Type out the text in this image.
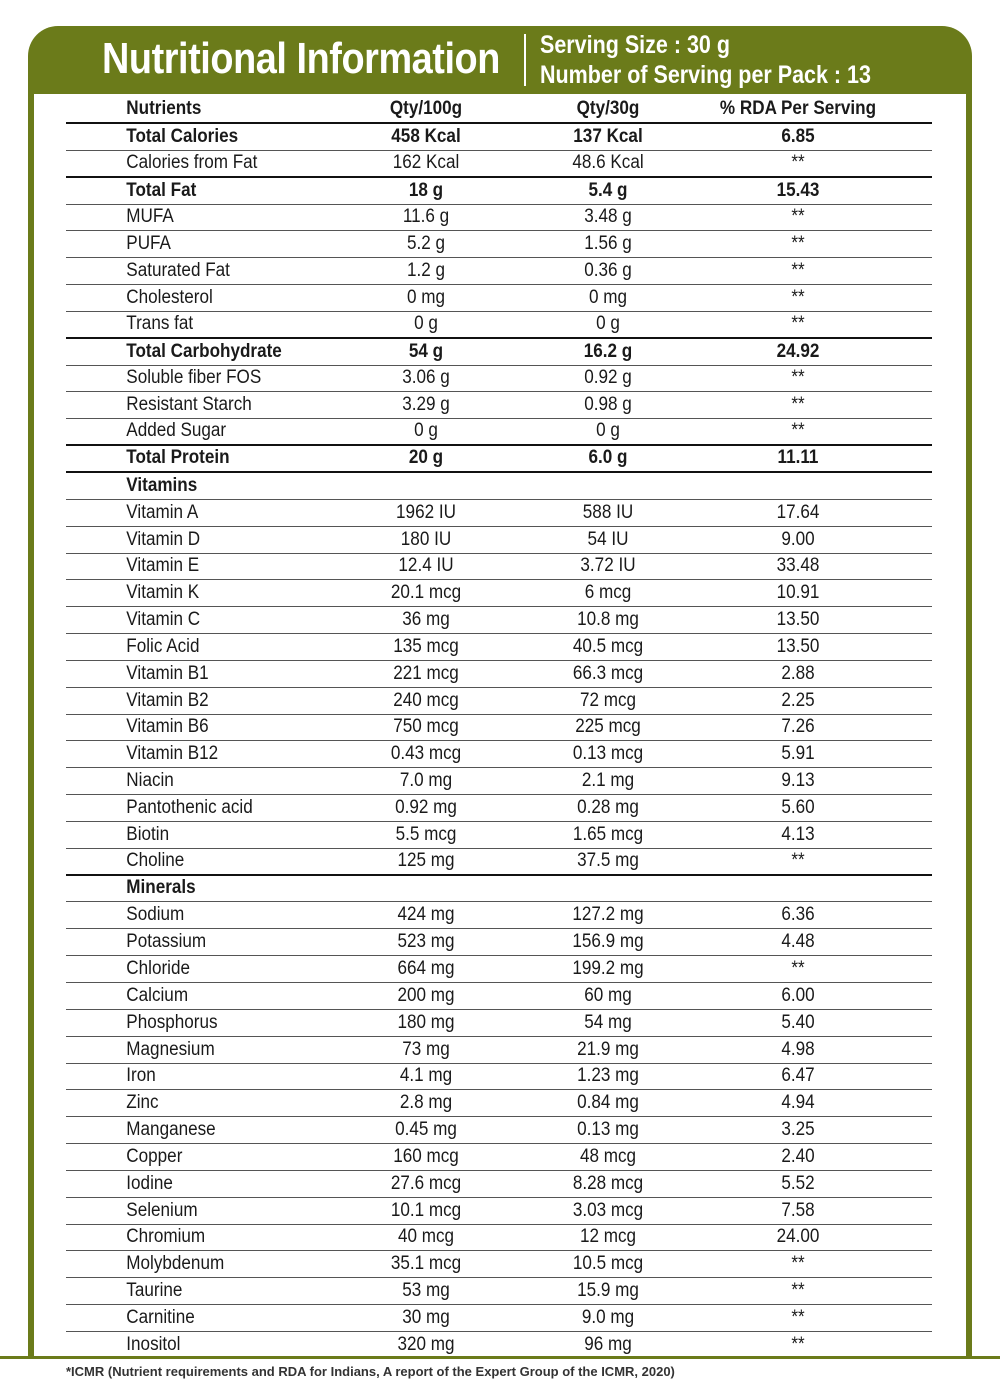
Nutritional Information Serving Size : 30 g
Number of Serving per Pack : 13
Nutrients	Qty/100g	Qty/30g	% RDA Per Serving
Total Calories	458 Kcal	137 Kcal	6.85
Calories from Fat	162 Kcal	48.6 Kcal	**
Total Fat	18 g	5.4 g	15.43
MUFA	11.6 g	3.48 g	**
PUFA	5.2 g	1.56 g	**
Saturated Fat	1.2 g	0.36 g	**
Cholesterol	0 mg	0 mg	**
Trans fat	0 g	0 g	**
Total Carbohydrate	54 g	16.2 g	24.92
Soluble fiber FOS	3.06 g	0.92 g	**
Resistant Starch	3.29 g	0.98 g	**
Added Sugar	0 g	0 g	**
Total Protein	20 g	6.0 g	11.11
Vitamins
Vitamin A	1962 IU	588 IU	17.64
Vitamin D	180 IU	54 IU	9.00
Vitamin E	12.4 IU	3.72 IU	33.48
Vitamin K	20.1 mcg	6 mcg	10.91
Vitamin C	36 mg	10.8 mg	13.50
Folic Acid	135 mcg	40.5 mcg	13.50
Vitamin B1	221 mcg	66.3 mcg	2.88
Vitamin B2	240 mcg	72 mcg	2.25
Vitamin B6	750 mcg	225 mcg	7.26
Vitamin B12	0.43 mcg	0.13 mcg	5.91
Niacin	7.0 mg	2.1 mg	9.13
Pantothenic acid	0.92 mg	0.28 mg	5.60
Biotin	5.5 mcg	1.65 mcg	4.13
Choline	125 mg	37.5 mg	**
Minerals
Sodium	424 mg	127.2 mg	6.36
Potassium	523 mg	156.9 mg	4.48
Chloride	664 mg	199.2 mg	**
Calcium	200 mg	60 mg	6.00
Phosphorus	180 mg	54 mg	5.40
Magnesium	73 mg	21.9 mg	4.98
Iron	4.1 mg	1.23 mg	6.47
Zinc	2.8 mg	0.84 mg	4.94
Manganese	0.45 mg	0.13 mg	3.25
Copper	160 mcg	48 mcg	2.40
Iodine	27.6 mcg	8.28 mcg	5.52
Selenium	10.1 mcg	3.03 mcg	7.58
Chromium	40 mcg	12 mcg	24.00
Molybdenum	35.1 mcg	10.5 mcg	**
Taurine	53 mg	15.9 mg	**
Carnitine	30 mg	9.0 mg	**
Inositol	320 mg	96 mg	**
*ICMR (Nutrient requirements and RDA for Indians, A report of the Expert Group of the ICMR, 2020)
